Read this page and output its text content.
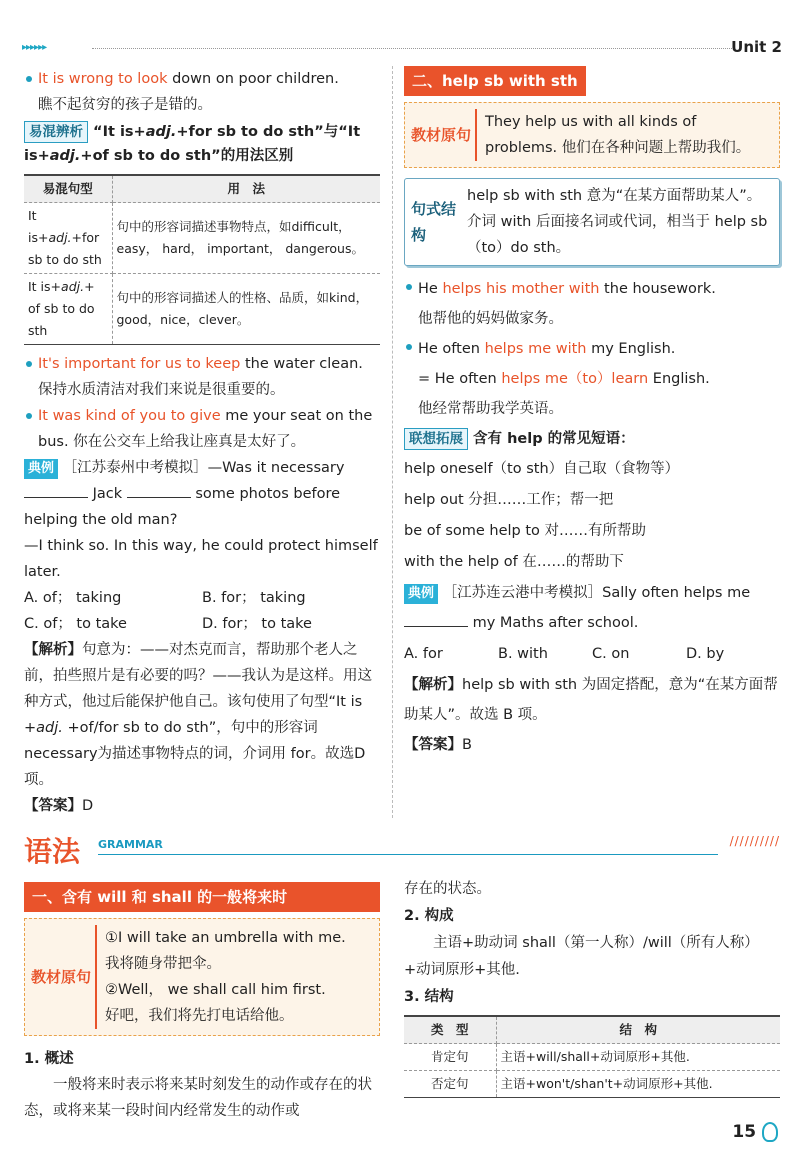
▸▸▸▸▸▸	Unit 2
It is wrong to look down on poor children.
瞧不起贫穷的孩子是错的。
易混辨析 “It is+adj.+for sb to do sth”与“It is+adj.+of sb to do sth”的用法区别
易混句型	用　法
It is+adj.+for sb to do sth	句中的形容词描述事物特点，如difficult， easy， hard， important， dangerous。
It is+adj.+ of sb to do sth	句中的形容词描述人的性格、品质，如kind，good，nice，clever。
It's important for us to keep the water clean.
保持水质清洁对我们来说是很重要的。
It was kind of you to give me your seat on the bus. 你在公交车上给我让座真是太好了。
典例 ［江苏泰州中考模拟］—Was it necessary  Jack	some photos before helping the old man?
—I think so. In this way, he could protect himself later.
A. of； taking	B. for； taking
C. of； to take	D. for； to take
【解析】句意为：——对杰克而言，帮助那个老人之前，拍些照片是有必要的吗？——我认为是这样。用这种方式，他过后能保护他自己。该句使用了句型“It is +adj. +of/for sb to do sth”，句中的形容词necessary为描述事物特点的词，介词用 for。故选D 项。
【答案】D
二、help sb with sth
教材原句
They help us with all kinds of problems. 他们在各种问题上帮助我们。
句式结构
help sb with sth 意为“在某方面帮助某人”。介词 with 后面接名词或代词，相当于 help sb（to）do sth。
He helps his mother with the housework.
他帮他的妈妈做家务。
He often helps me with my English.
= He often helps me（to）learn English.
他经常帮助我学英语。
联想拓展 含有 help 的常见短语：
help oneself（to sth）自己取（食物等）
help out 分担……工作；帮一把
be of some help to 对……有所帮助
with the help of 在……的帮助下
典例 ［江苏连云港中考模拟］Sally often helps me  my Maths after school.
A. for	B. with	C. on	D. by
【解析】help sb with sth 为固定搭配，意为“在某方面帮助某人”。故选 B 项。
【答案】B
语法 GRAMMAR	//////////
一、含有 will 和 shall 的一般将来时
教材原句
①I will take an umbrella with me.
我将随身带把伞。
②Well， we shall call him first.
好吧，我们将先打电话给他。
1. 概述
一般将来时表示将来某时刻发生的动作或存在的状态，或将来某一段时间内经常发生的动作或
存在的状态。
2. 构成
主语+助动词 shall（第一人称）/will（所有人称）+动词原形+其他.
3. 结构
类　型	结　构
肯定句	主语+will/shall+动词原形+其他.
否定句	主语+won't/shan't+动词原形+其他.
15
